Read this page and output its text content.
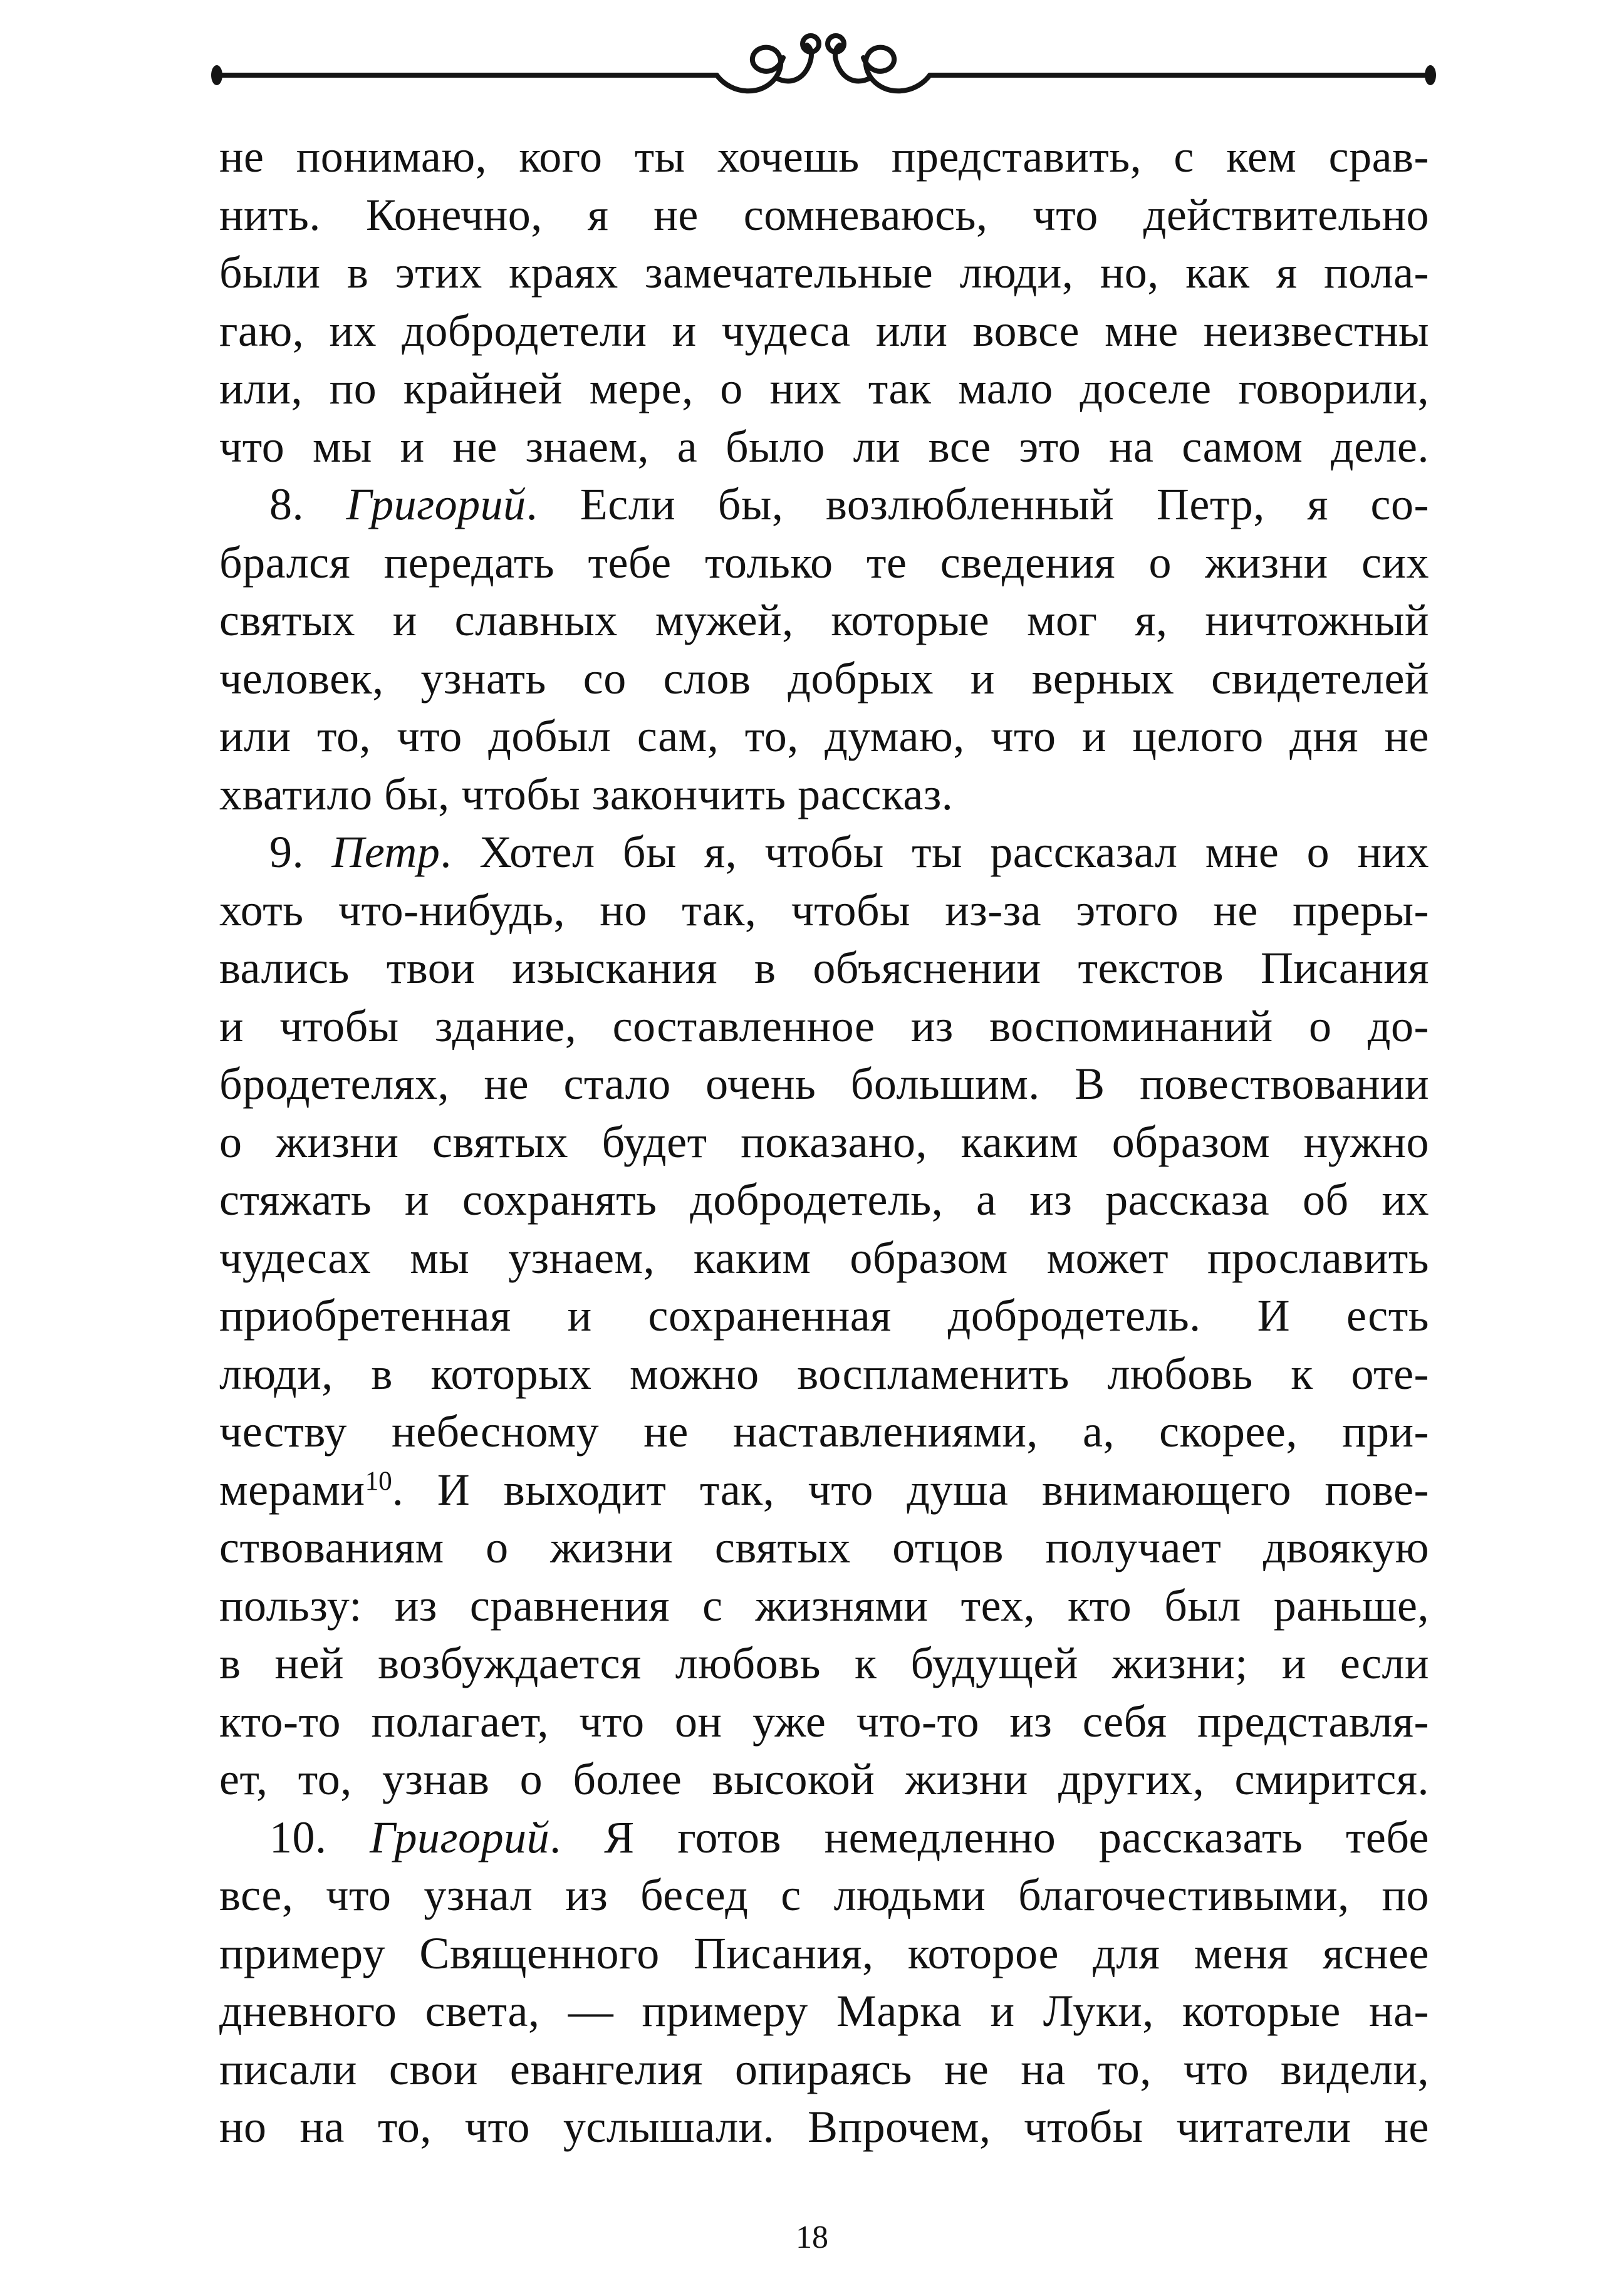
не понимаю, кого ты хочешь представить, с кем срав-
нить. Конечно, я не сомневаюсь, что действительно
были в этих краях замечательные люди, но, как я пола-
гаю, их добродетели и чудеса или вовсе мне неизвестны
или, по крайней мере, о них так мало доселе говорили,
что мы и не знаем, а было ли все это на самом деле.
8. Григорий. Если бы, возлюбленный Петр, я со-
брался передать тебе только те сведения о жизни сих
святых и славных мужей, которые мог я, ничтожный
человек, узнать со слов добрых и верных свидетелей
или то, что добыл сам, то, думаю, что и целого дня не
хватило бы, чтобы закончить рассказ.
9. Петр. Хотел бы я, чтобы ты рассказал мне о них
хоть что-нибудь, но так, чтобы из-за этого не преры-
вались твои изыскания в объяснении текстов Писания
и чтобы здание, составленное из воспоминаний о до-
бродетелях, не стало очень большим. В повествовании
о жизни святых будет показано, каким образом нужно
стяжать и сохранять добродетель, а из рассказа об их
чудесах мы узнаем, каким образом может прославить
приобретенная и сохраненная добродетель. И есть
люди, в которых можно воспламенить любовь к оте-
честву небесному не наставлениями, а, скорее, при-
мерами$^{10}$. И выходит так, что душа внимающего пове-
ствованиям о жизни святых отцов получает двоякую
пользу: из сравнения с жизнями тех, кто был раньше,
в ней возбуждается любовь к будущей жизни; и если
кто-то полагает, что он уже что-то из себя представля-
ет, то, узнав о более высокой жизни других, смирится.
10. Григорий. Я готов немедленно рассказать тебе
все, что узнал из бесед с людьми благочестивыми, по
примеру Священного Писания, которое для меня яснее
дневного света, — примеру Марка и Луки, которые на-
писали свои евангелия опираясь не на то, что видели,
но на то, что услышали. Впрочем, чтобы читатели не
18
